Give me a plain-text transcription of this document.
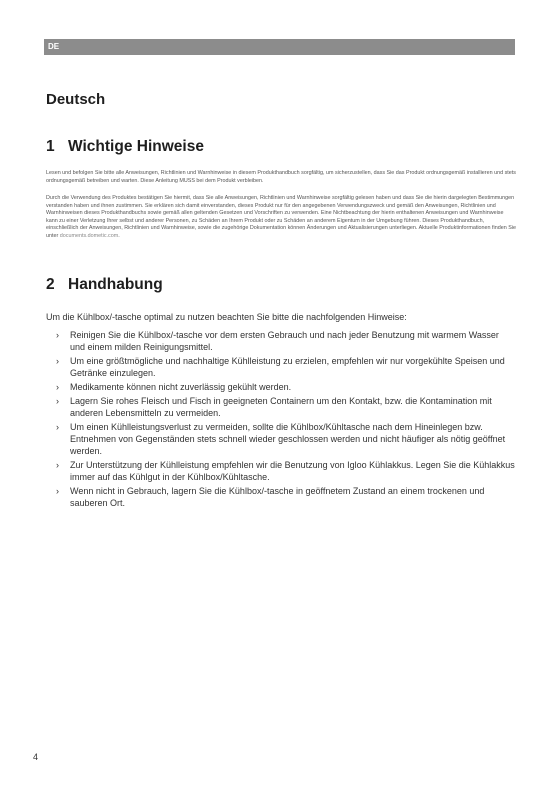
DE
Deutsch
1 Wichtige Hinweise

Lesen und befolgen Sie bitte alle Anweisungen, Richtlinien und Warnhinweise in diesem Produkthandbuch sorgfältig, um sicherzustellen, dass Sie das Produkt ordnungsgemäß installieren und stets ordnungsgemäß betreiben und warten. Diese Anleitung MUSS bei dem Produkt verbleiben.

Durch die Verwendung des Produktes bestätigen Sie hiermit, dass Sie alle Anweisungen, Richtlinien und Warnhinweise sorgfältig gelesen haben und dass Sie die hierin dargelegten Bestimmungen verstanden haben und ihnen zustimmen. Sie erklären sich damit einverstanden, dieses Produkt nur für den angegebenen Verwendungszweck und gemäß den Anweisungen, Richtlinien und Warnhinweisen dieses Produkthandbuchs sowie gemäß allen geltenden Gesetzen und Vorschriften zu verwenden. Eine Nichtbeachtung der hierin enthaltenen Anweisungen und Warnhinweise kann zu einer Verletzung Ihrer selbst und anderer Personen, zu Schäden an Ihrem Produkt oder zu Schäden an anderem Eigentum in der Umgebung führen. Dieses Produkthandbuch, einschließlich der Anweisungen, Richtlinien und Warnhinweise, sowie die zugehörige Dokumentation können Änderungen und Aktualisierungen unterliegen. Aktuelle Produktinformationen finden Sie unter documents.dometic.com.

2 Handhabung

Um die Kühlbox/-tasche optimal zu nutzen beachten Sie bitte die nachfolgenden Hinweise:

› Reinigen Sie die Kühlbox/-tasche vor dem ersten Gebrauch und nach jeder Benutzung mit warmem Wasser und einem milden Reinigungsmittel.
› Um eine größtmögliche und nachhaltige Kühlleistung zu erzielen, empfehlen wir nur vorgekühlte Speisen und Getränke einzulegen.
› Medikamente können nicht zuverlässig gekühlt werden.
› Lagern Sie rohes Fleisch und Fisch in geeigneten Containern um den Kontakt, bzw. die Kontamination mit anderen Lebensmitteln zu vermeiden.
› Um einen Kühlleistungsverlust zu vermeiden, sollte die Kühlbox/Kühltasche nach dem Hineinlegen bzw. Entnehmen von Gegenständen stets schnell wieder geschlossen werden und nicht häufiger als nötig geöffnet werden.
› Zur Unterstützung der Kühlleistung empfehlen wir die Benutzung von Igloo Kühlakkus. Legen Sie die Kühlakkus immer auf das Kühlgut in der Kühlbox/Kühltasche.
› Wenn nicht in Gebrauch, lagern Sie die Kühlbox/-tasche in geöffnetem Zustand an einem trockenen und sauberen Ort.
4
